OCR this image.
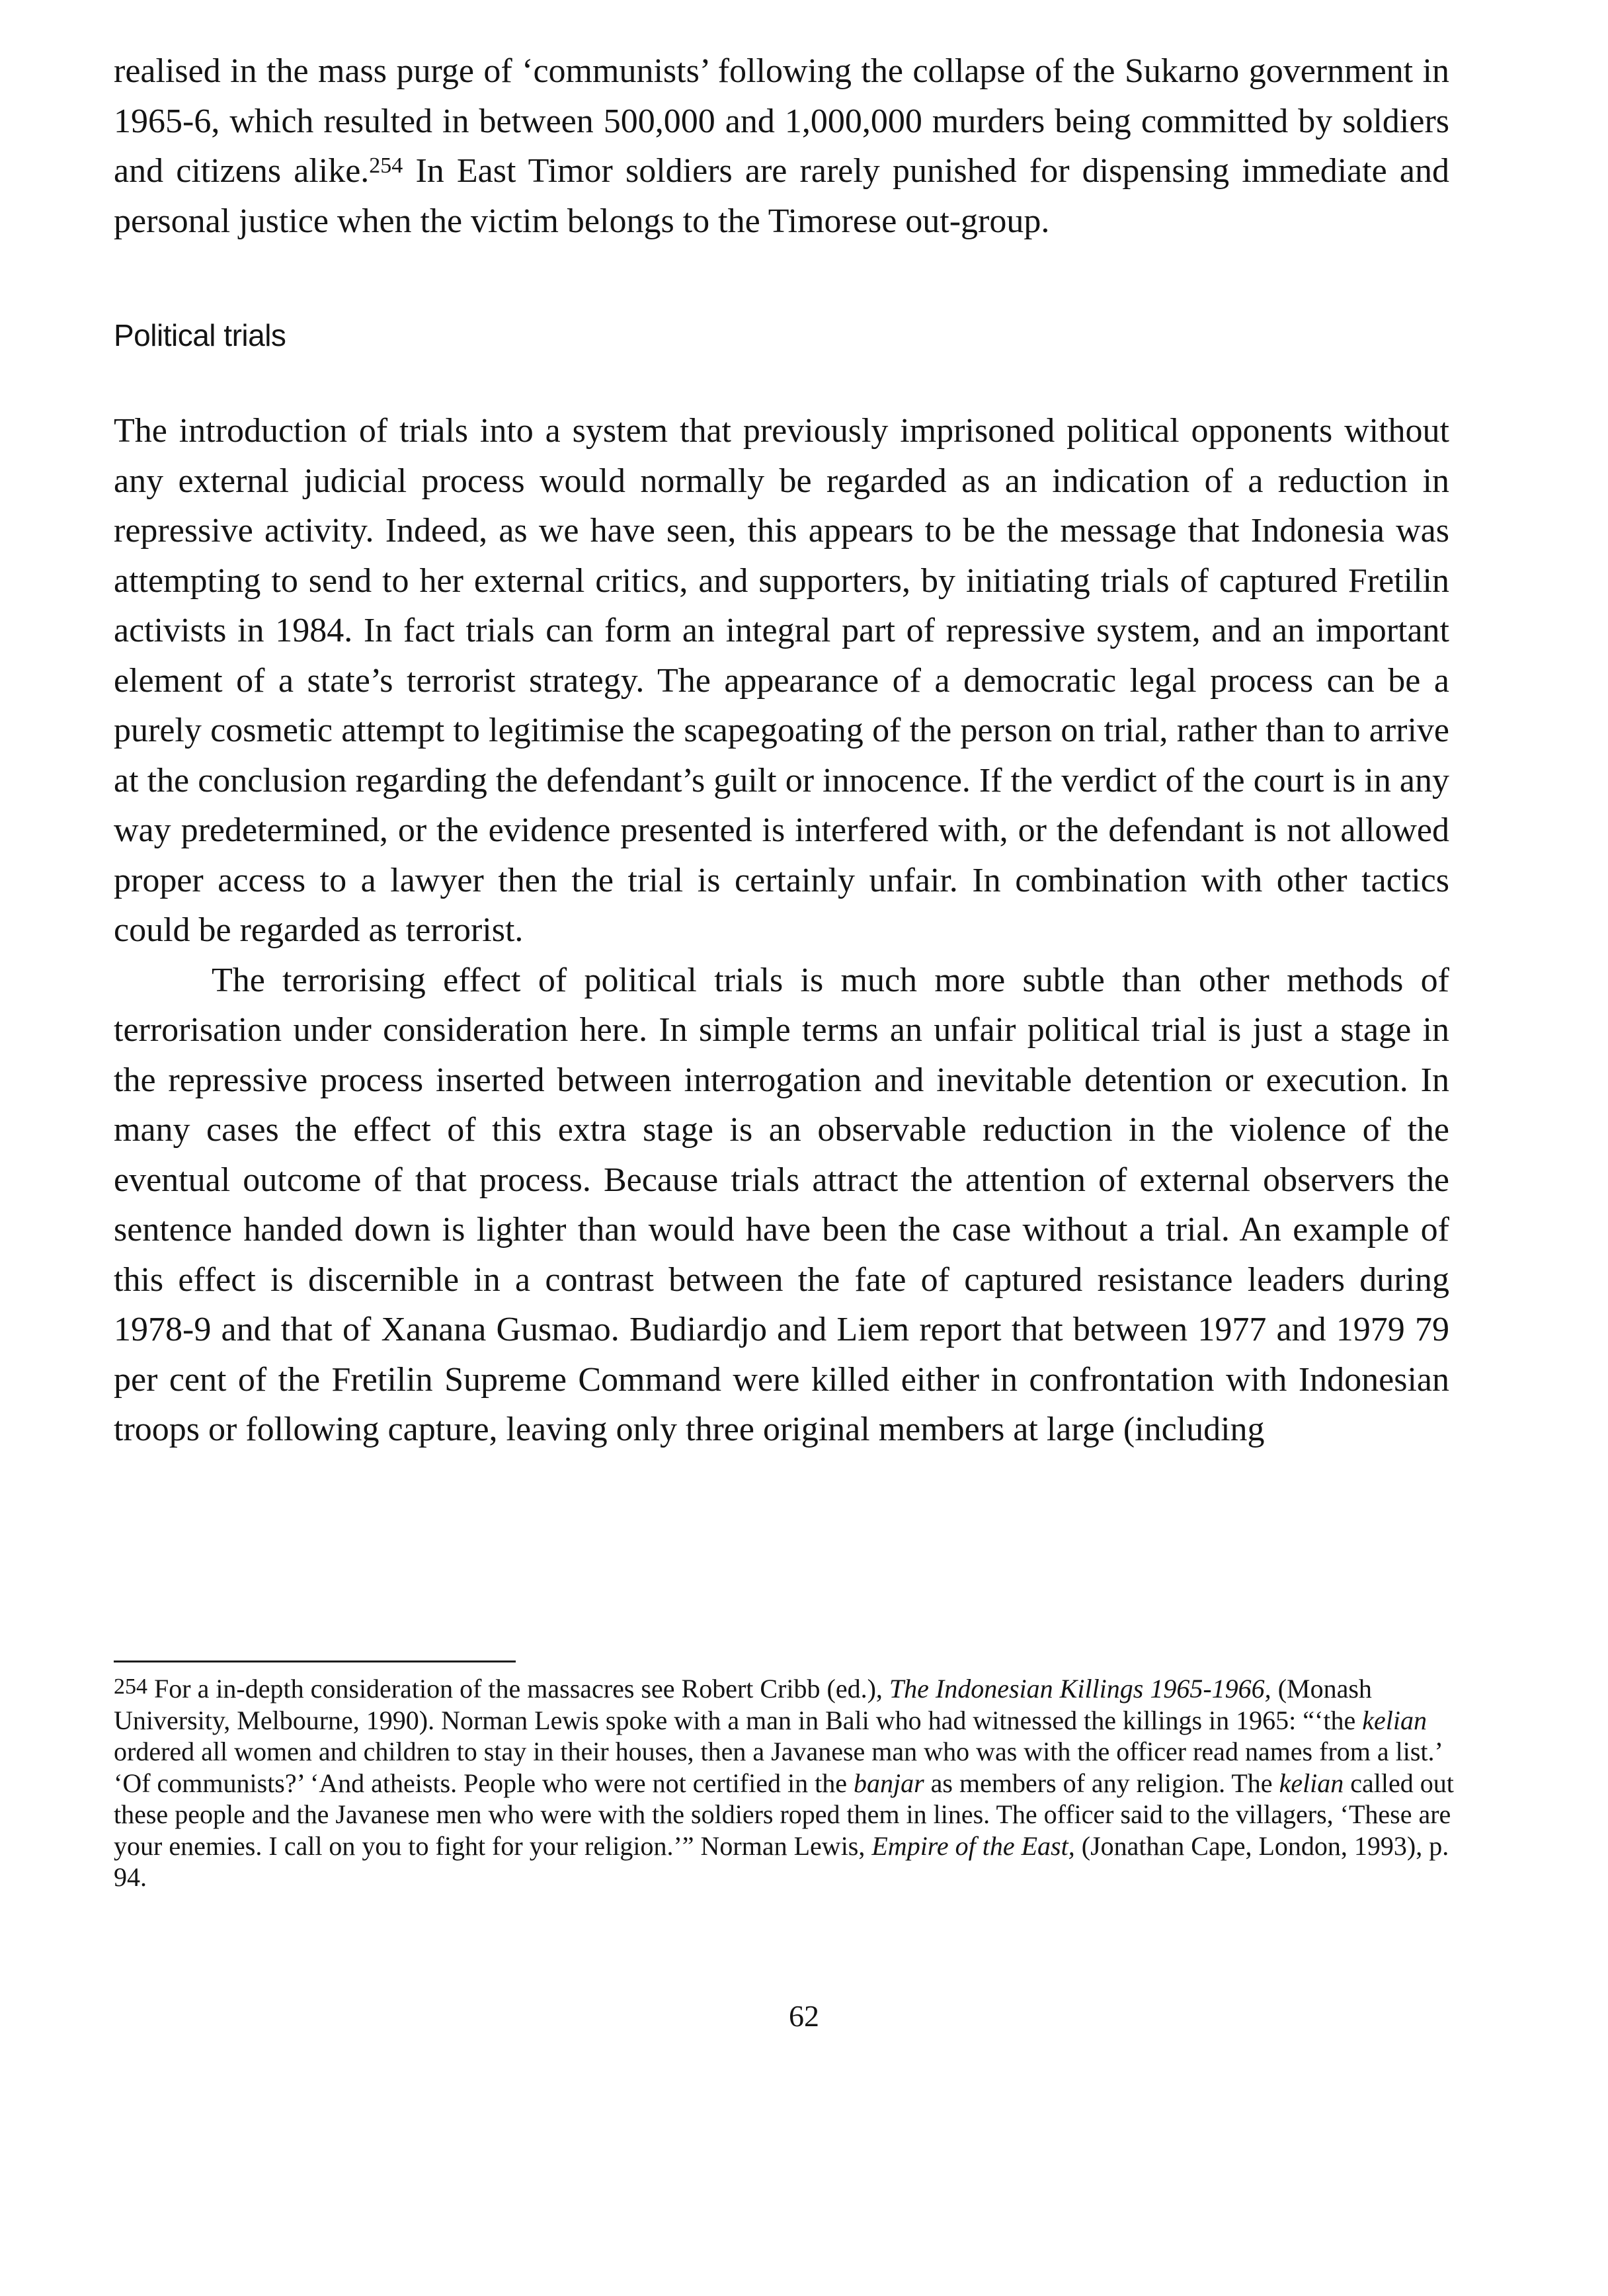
realised in the mass purge of ‘communists’ following the collapse of the Sukarno government in 1965-6, which resulted in between 500,000 and 1,000,000 murders being committed by soldiers and citizens alike.$^{254}$ In East Timor soldiers are rarely punished for dispensing immediate and personal justice when the victim belongs to the Timorese out-group.

Political trials

The introduction of trials into a system that previously imprisoned political opponents without any external judicial process would normally be regarded as an indication of a reduction in repressive activity. Indeed, as we have seen, this appears to be the message that Indonesia was attempting to send to her external critics, and supporters, by initiating trials of captured Fretilin activists in 1984. In fact trials can form an integral part of repressive system, and an important element of a state’s terrorist strategy. The appearance of a democratic legal process can be a purely cosmetic attempt to legitimise the scapegoating of the person on trial, rather than to arrive at the conclusion regarding the defendant’s guilt or innocence. If the verdict of the court is in any way predetermined, or the evidence presented is interfered with, or the defendant is not allowed proper access to a lawyer then the trial is certainly unfair. In combination with other tactics could be regarded as terrorist.

The terrorising effect of political trials is much more subtle than other methods of terrorisation under consideration here. In simple terms an unfair political trial is just a stage in the repressive process inserted between interrogation and inevitable detention or execution. In many cases the effect of this extra stage is an observable reduction in the violence of the eventual outcome of that process. Because trials attract the attention of external observers the sentence handed down is lighter than would have been the case without a trial. An example of this effect is discernible in a contrast between the fate of captured resistance leaders during 1978-9 and that of Xanana Gusmao. Budiardjo and Liem report that between 1977 and 1979 79 per cent of the Fretilin Supreme Command were killed either in confrontation with Indonesian troops or following capture, leaving only three original members at large (including

$^{254}$ For a in-depth consideration of the massacres see Robert Cribb (ed.), The Indonesian Killings 1965-1966, (Monash University, Melbourne, 1990). Norman Lewis spoke with a man in Bali who had witnessed the killings in 1965: “‘the kelian ordered all women and children to stay in their houses, then a Javanese man who was with the officer read names from a list.’ ‘Of communists?’ ‘And atheists. People who were not certified in the banjar as members of any religion. The kelian called out these people and the Javanese men who were with the soldiers roped them in lines. The officer said to the villagers, ‘These are your enemies. I call on you to fight for your religion.’” Norman Lewis, Empire of the East, (Jonathan Cape, London, 1993), p. 94.

62
